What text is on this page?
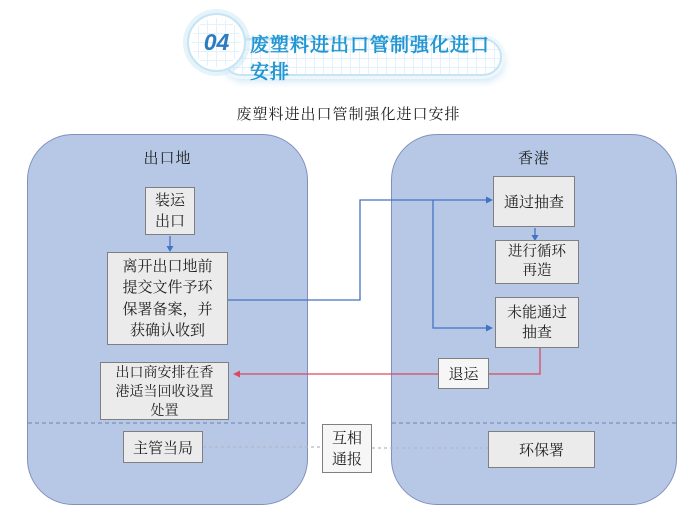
废塑料进出口管制强化进口安排
04
废塑料进出口管制强化进口安排
出口地	香港
装运
出口
离开出口地前
提交文件予环
保署备案，并
获确认收到
出口商安排在香
港适当回收设置
处置
主管当局
通过抽查
进行循环
再造
未能通过
抽查
环保署
退运
互相
通报
